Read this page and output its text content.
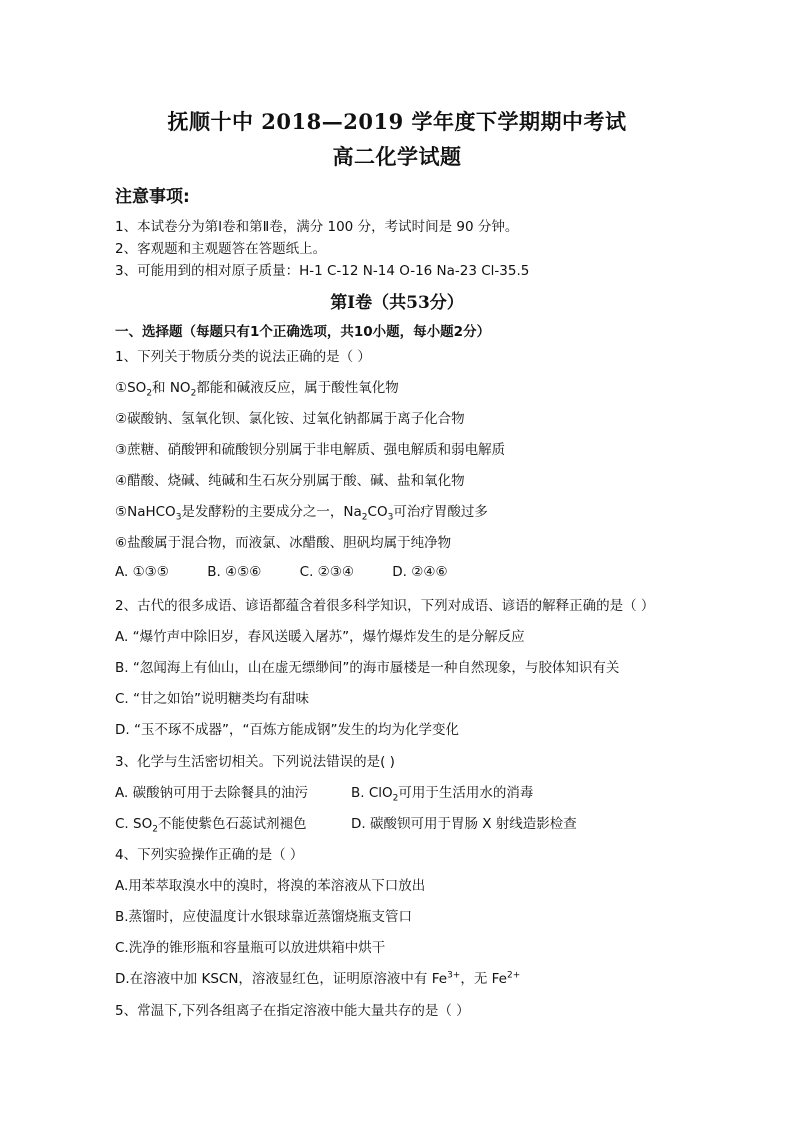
抚顺十中 2018—2019 学年度下学期期中考试
高二化学试题
注意事项:
1、本试卷分为第Ⅰ卷和第Ⅱ卷，满分 100 分，考试时间是 90 分钟。
2、客观题和主观题答在答题纸上。
3、可能用到的相对原子质量：H-1 C-12 N-14 O-16 Na-23 Cl-35.5
第Ⅰ卷（共53分）
一、选择题（每题只有1个正确选项，共10小题，每小题2分）
1、下列关于物质分类的说法正确的是（ ）
$①SO_2$和 $NO_2$都能和碱液反应，属于酸性氧化物
②碳酸钠、氢氧化钡、氯化铵、过氧化钠都属于离子化合物
③蔗糖、硝酸钾和硫酸钡分别属于非电解质、强电解质和弱电解质
④醋酸、烧碱、纯碱和生石灰分别属于酸、碱、盐和氧化物
⑤NaHCO$_3$是发酵粉的主要成分之一，$Na_2CO_3$可治疗胃酸过多
⑥盐酸属于混合物，而液氯、冰醋酸、胆矾均属于纯净物
A. ①③⑤	B. ④⑤⑥	C. ②③④	D. ②④⑥
2、古代的很多成语、谚语都蕴含着很多科学知识，下列对成语、谚语的解释正确的是（ ）
A. “爆竹声中除旧岁，春风送暖入屠苏”，爆竹爆炸发生的是分解反应
B. “忽闻海上有仙山，山在虚无缥缈间”的海市蜃楼是一种自然现象，与胶体知识有关
C. “甘之如饴”说明糖类均有甜味
D. “玉不琢不成器”，“百炼方能成钢”发生的均为化学变化
3、化学与生活密切相关。下列说法错误的是( )
A. 碳酸钠可用于去除餐具的油污	B. ClO$_2$可用于生活用水的消毒
C. $SO_2$不能使紫色石蕊试剂褪色	D. 碳酸钡可用于胃肠 X 射线造影检查
4、下列实验操作正确的是（ ）
A.用苯萃取溴水中的溴时，将溴的苯溶液从下口放出
B.蒸馏时，应使温度计水银球靠近蒸馏烧瓶支管口
C.洗净的锥形瓶和容量瓶可以放进烘箱中烘干
D.在溶液中加 KSCN，溶液显红色，证明原溶液中有 $Fe^{3+}$，无 $Fe^{2+}$
5、常温下,下列各组离子在指定溶液中能大量共存的是（ ）
